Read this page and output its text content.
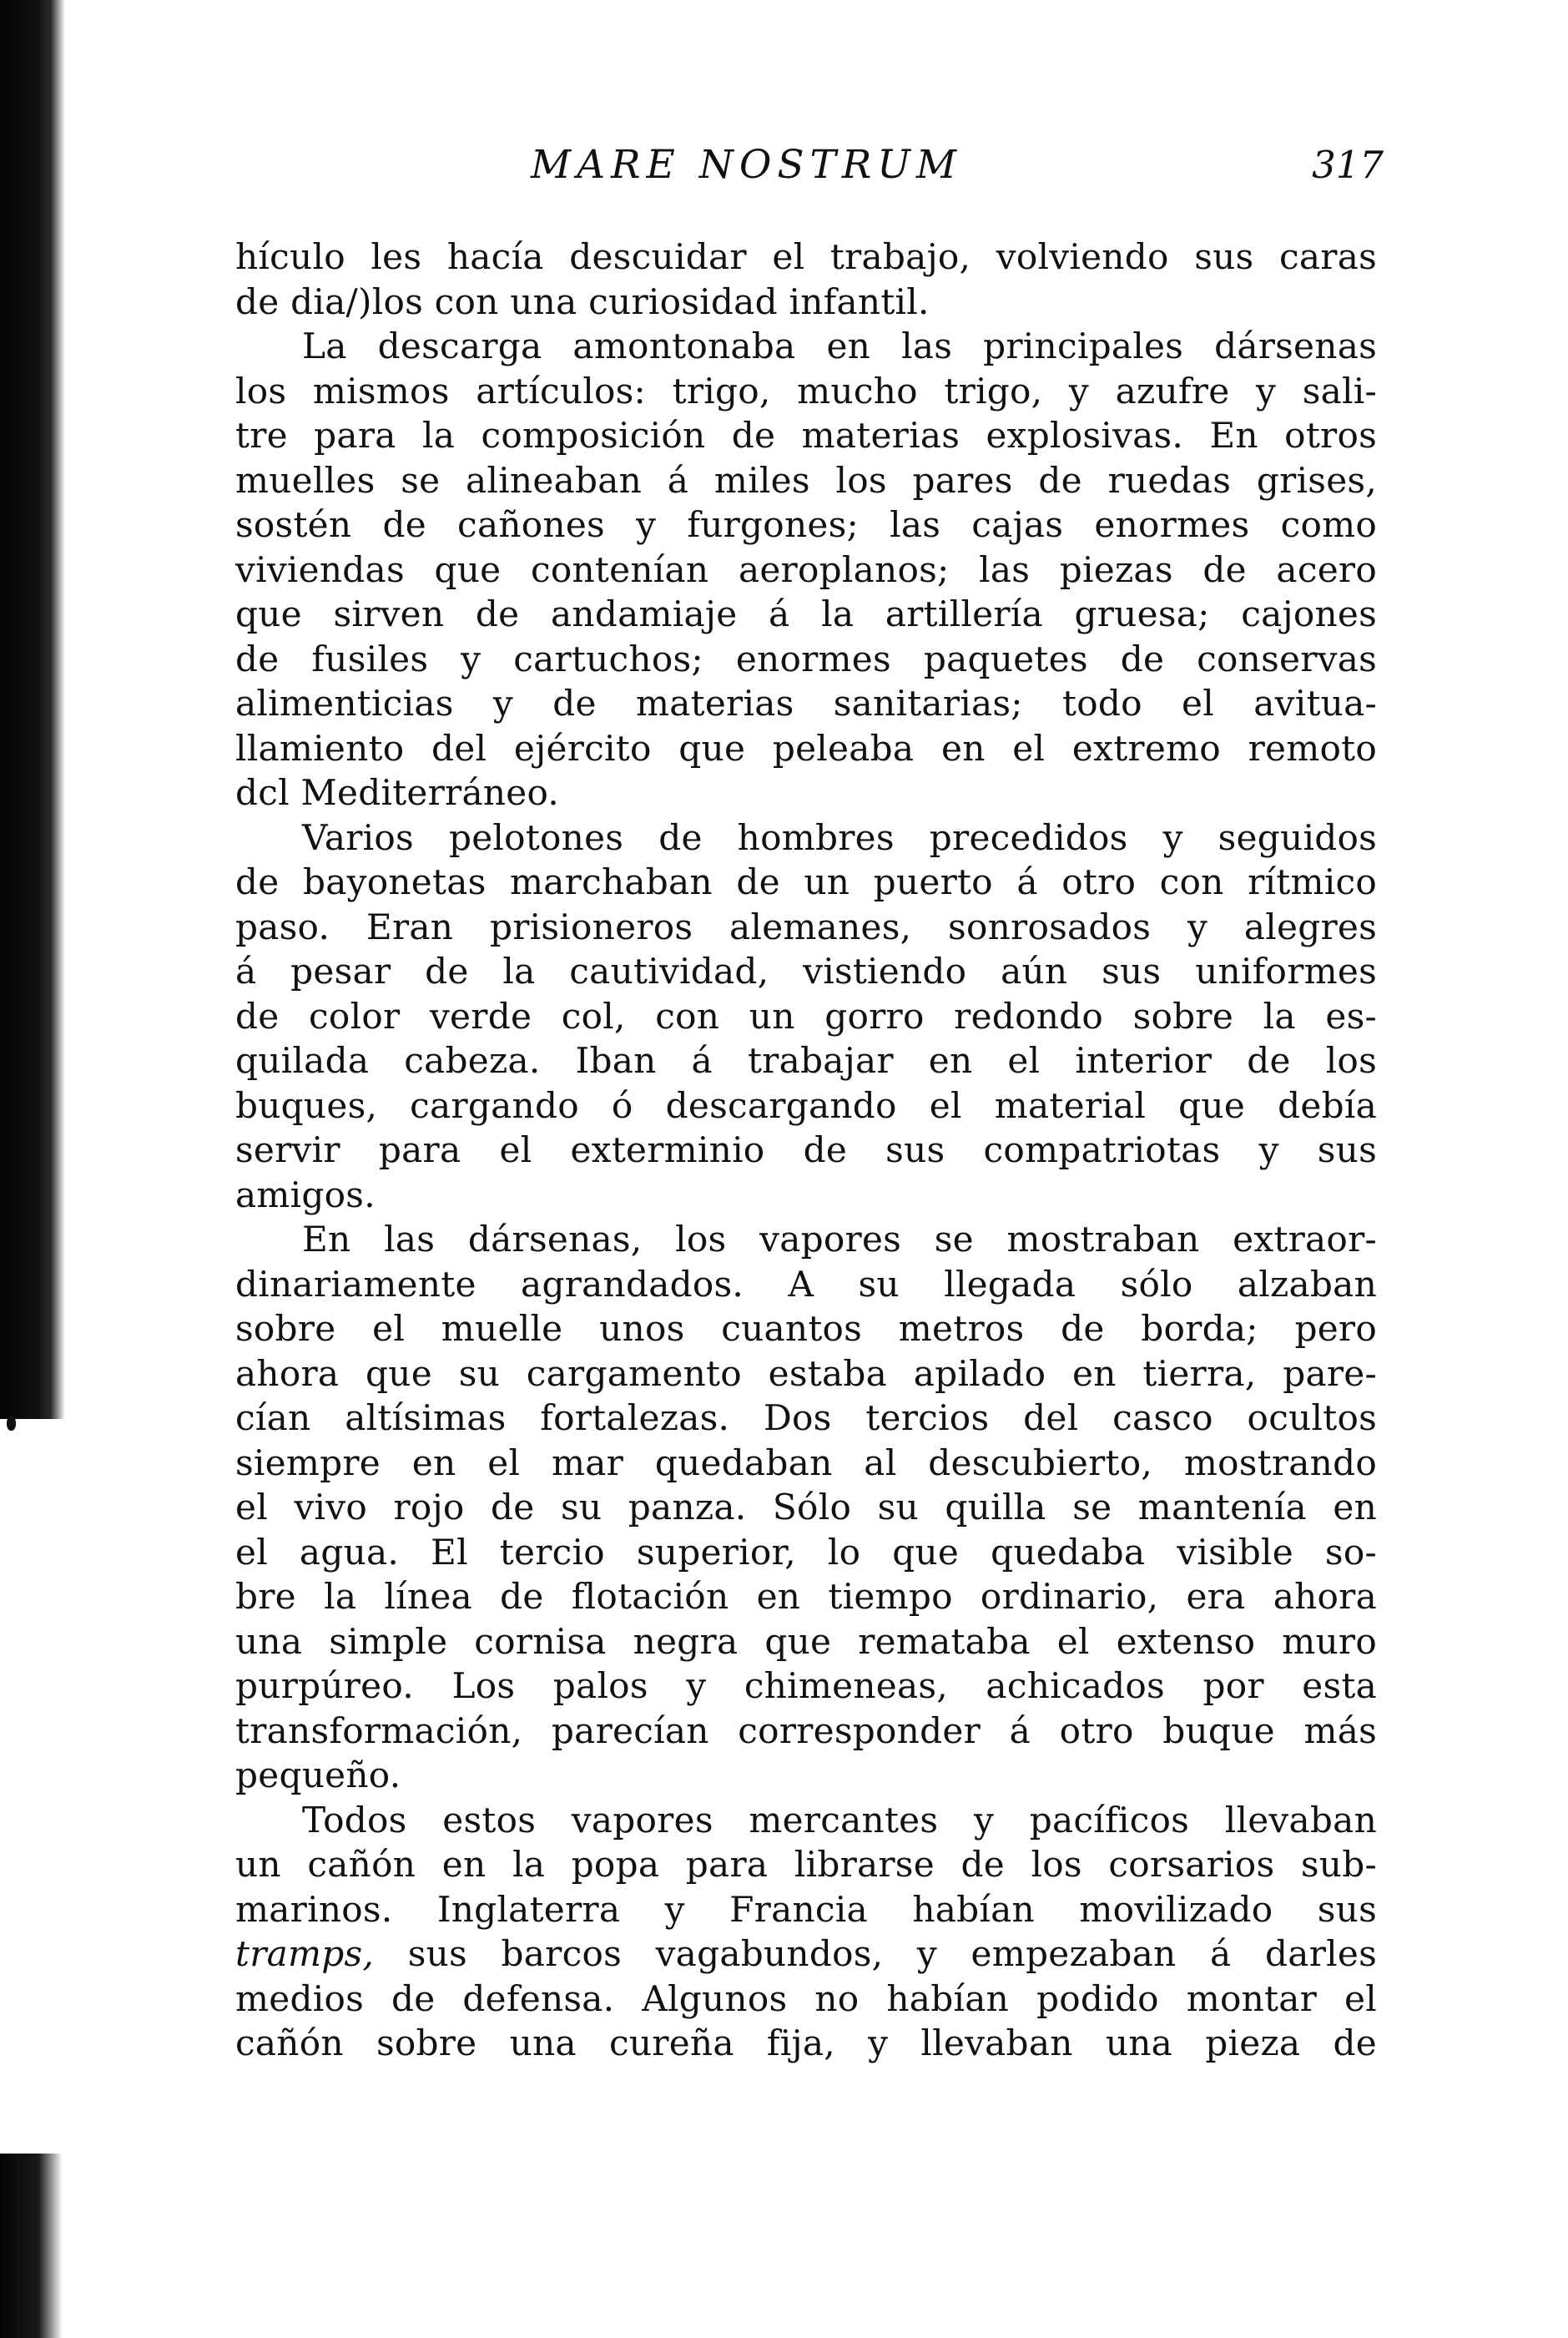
MARE NOSTRUM	317
hículo les hacía descuidar el trabajo, volviendo sus caras
de dia/)los con una curiosidad infantil.
La descarga amontonaba en las principales dársenas
los mismos artículos: trigo, mucho trigo, y azufre y sali-
tre para la composición de materias explosivas. En otros
muelles se alineaban á miles los pares de ruedas grises,
sostén de cañones y furgones; las cajas enormes como
viviendas que contenían aeroplanos; las piezas de acero
que sirven de andamiaje á la artillería gruesa; cajones
de fusiles y cartuchos; enormes paquetes de conservas
alimenticias y de materias sanitarias; todo el avitua-
llamiento del ejército que peleaba en el extremo remoto
dcl Mediterráneo.
Varios pelotones de hombres precedidos y seguidos
de bayonetas marchaban de un puerto á otro con rítmico
paso. Eran prisioneros alemanes, sonrosados y alegres
á pesar de la cautividad, vistiendo aún sus uniformes
de color verde col, con un gorro redondo sobre la es-
quilada cabeza. Iban á trabajar en el interior de los
buques, cargando ó descargando el material que debía
servir para el exterminio de sus compatriotas y sus
amigos.
En las dársenas, los vapores se mostraban extraor-
dinariamente agrandados. A su llegada sólo alzaban
sobre el muelle unos cuantos metros de borda; pero
ahora que su cargamento estaba apilado en tierra, pare-
cían altísimas fortalezas. Dos tercios del casco ocultos
siempre en el mar quedaban al descubierto, mostrando
el vivo rojo de su panza. Sólo su quilla se mantenía en
el agua. El tercio superior, lo que quedaba visible so-
bre la línea de flotación en tiempo ordinario, era ahora
una simple cornisa negra que remataba el extenso muro
purpúreo. Los palos y chimeneas, achicados por esta
transformación, parecían corresponder á otro buque más
pequeño.
Todos estos vapores mercantes y pacíficos llevaban
un cañón en la popa para librarse de los corsarios sub-
marinos. Inglaterra y Francia habían movilizado sus
tramps, sus barcos vagabundos, y empezaban á darles
medios de defensa. Algunos no habían podido montar el
cañón sobre una cureña fija, y llevaban una pieza de
